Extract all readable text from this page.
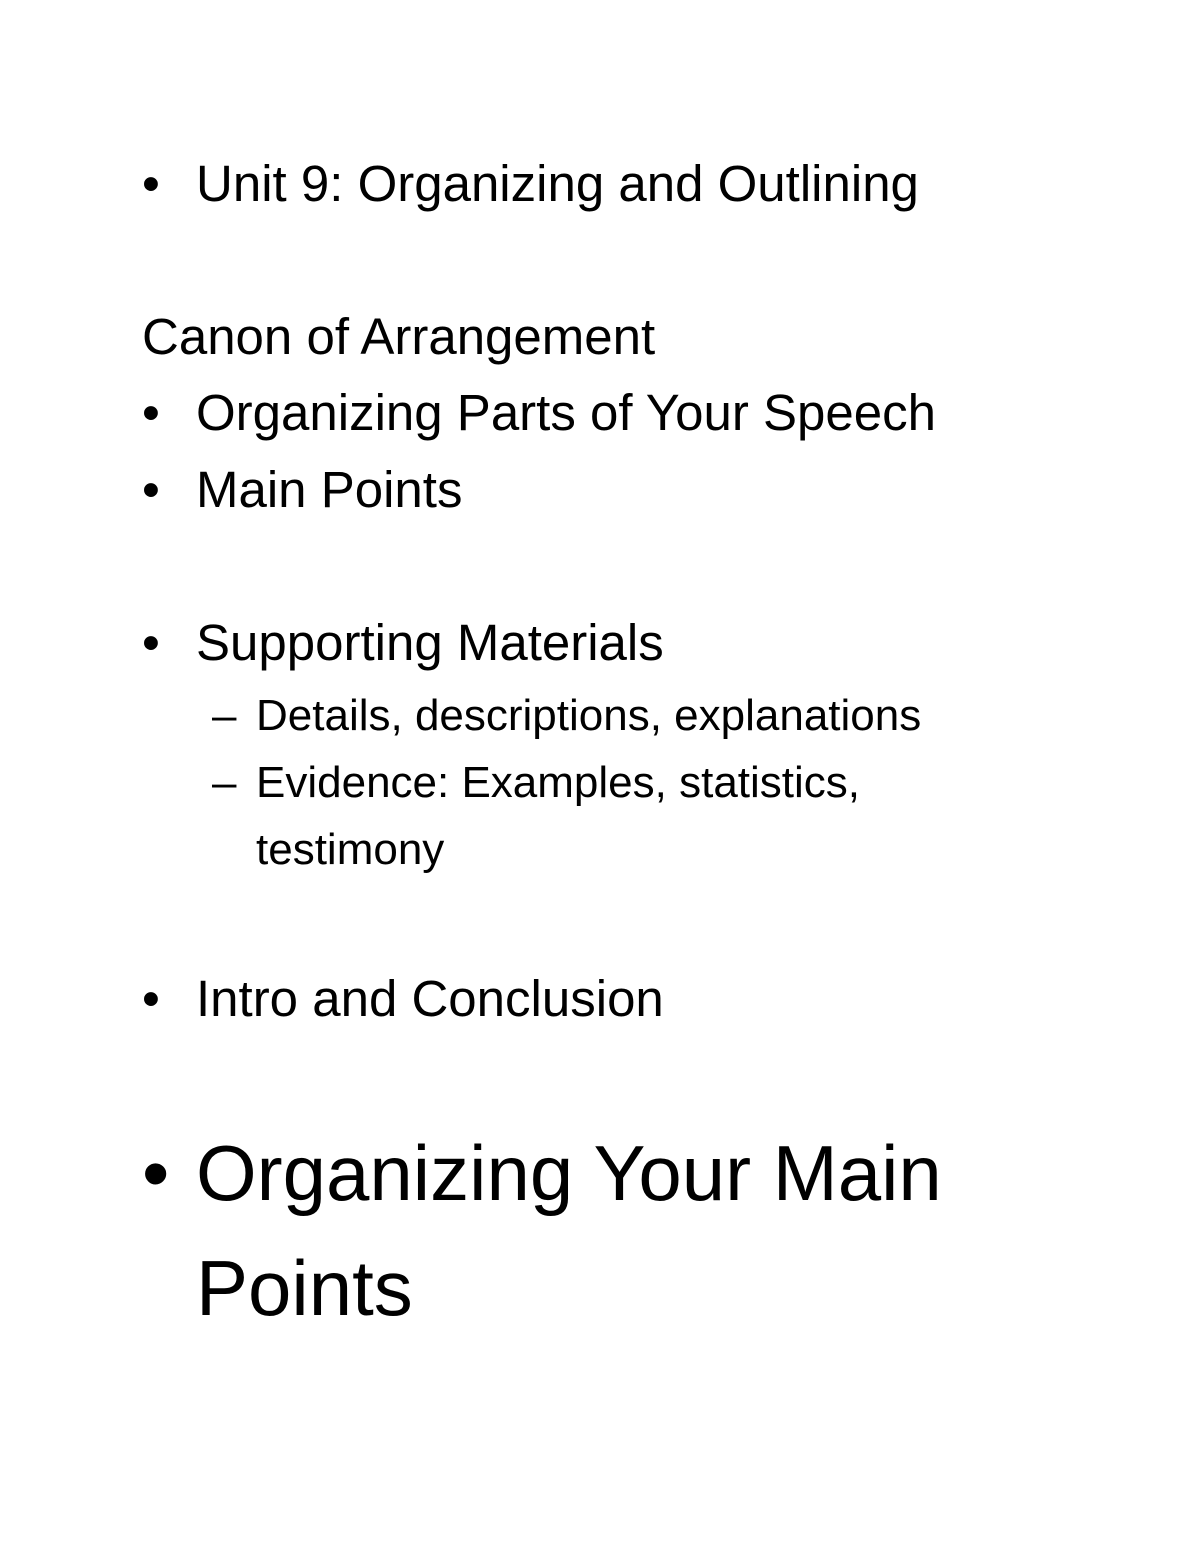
• Unit 9: Organizing and Outlining
Canon of Arrangement
• Organizing Parts of Your Speech
• Main Points
• Supporting Materials
– Details, descriptions, explanations
– Evidence: Examples, statistics,
testimony
• Intro and Conclusion
• Organizing Your Main
Points
